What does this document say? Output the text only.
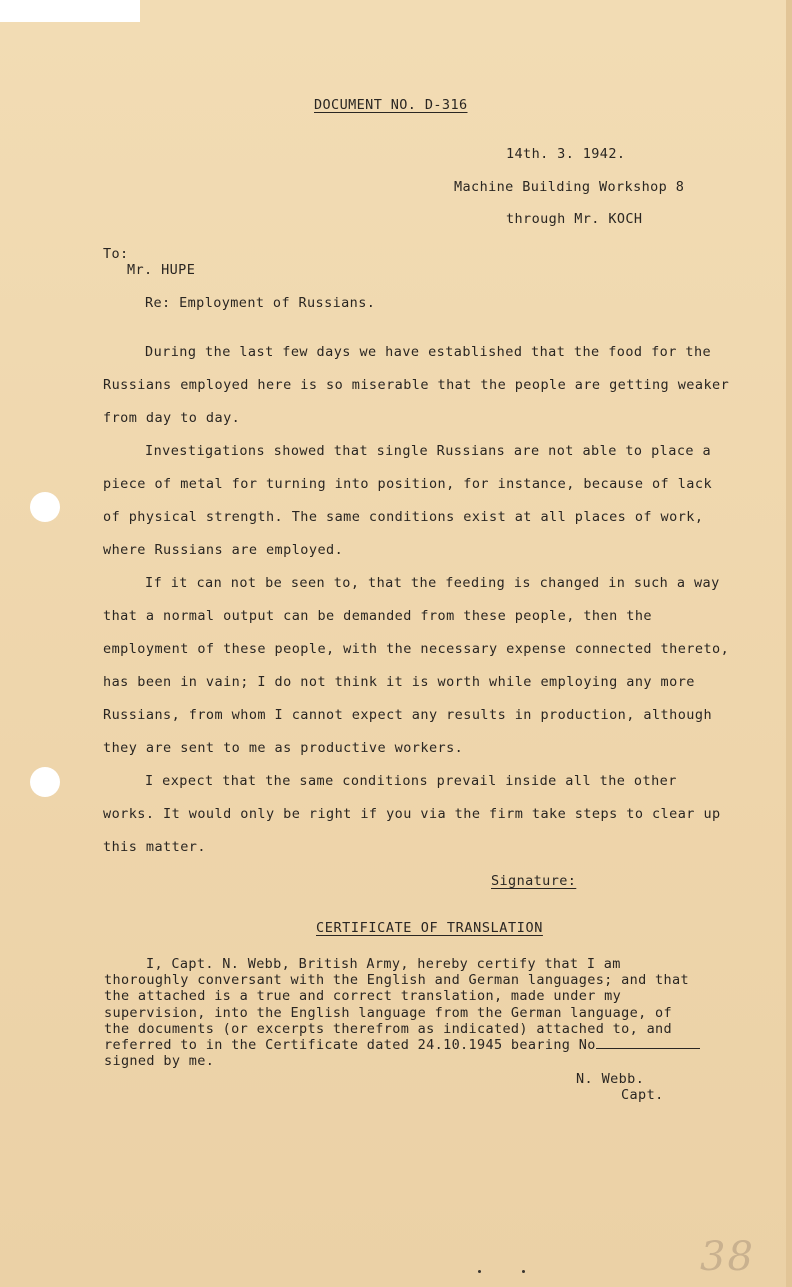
DOCUMENT NO. D-316
14th. 3. 1942.
Machine Building Workshop 8
through Mr. KOCH
To:
Mr. HUPE
Re: Employment of Russians.

During the last few days we have established that the food for the Russians employed here is so miserable that the people are getting weaker from day to day.

Investigations showed that single Russians are not able to place a piece of metal for turning into position, for instance, because of lack of physical strength. The same conditions exist at all places of work, where Russians are employed.

If it can not be seen to, that the feeding is changed in such a way that a normal output can be demanded from these people, then the employment of these people, with the necessary expense connected thereto, has been in vain; I do not think it is worth while employing any more Russians, from whom I cannot expect any results in production, although they are sent to me as productive workers.

I expect that the same conditions prevail inside all the other works. It would only be right if you via the firm take steps to clear up this matter.

Signature:
CERTIFICATE OF TRANSLATION

I, Capt. N. Webb, British Army, hereby certify that I am thoroughly conversant with the English and German languages; and that the attached is a true and correct translation, made under my supervision, into the English language from the German language, of the documents (or excerpts therefrom as indicated) attached to, and referred to in the Certificate dated 24.10.1945 bearing Nosigned by me.

N. Webb.
Capt.
38
